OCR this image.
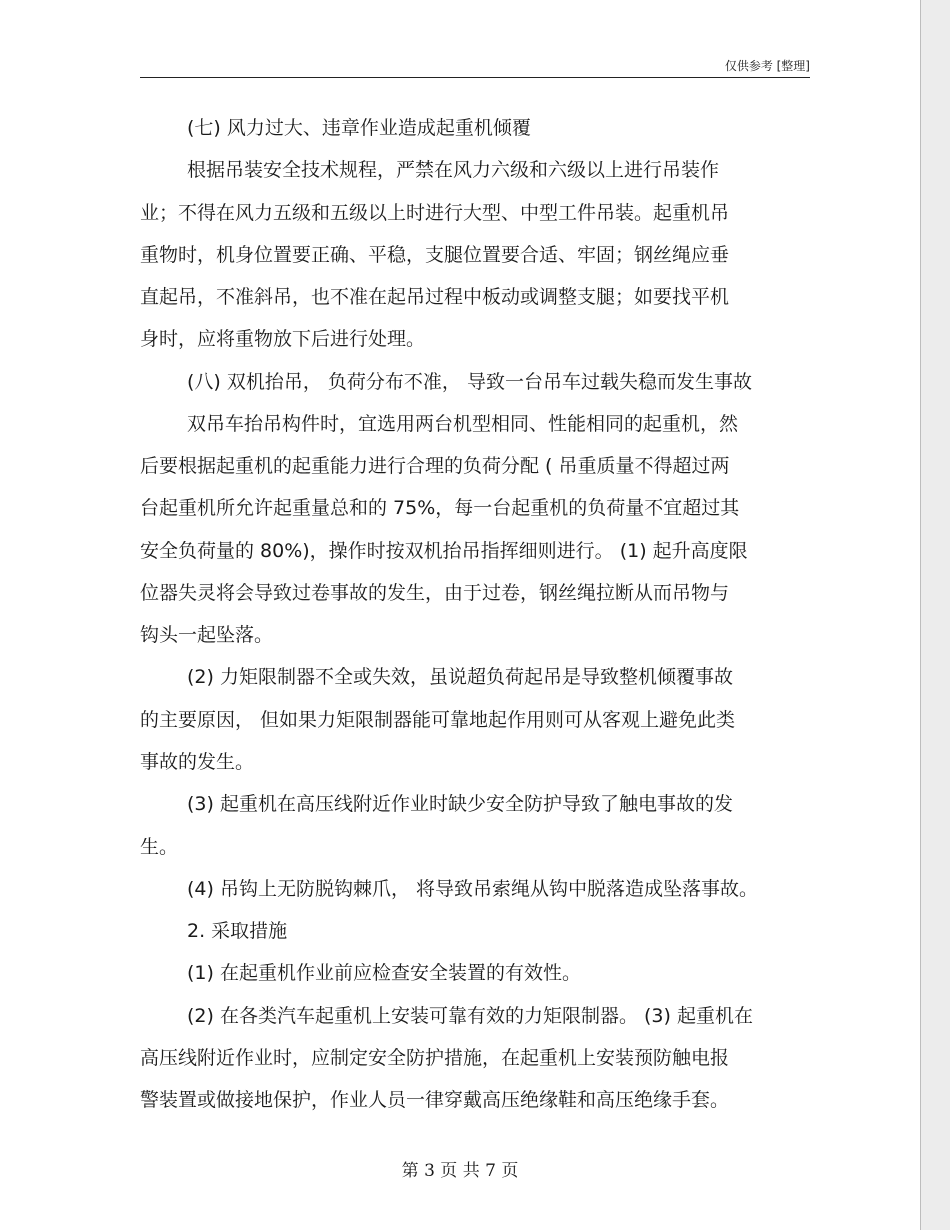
仅供参考 [整理]
(七) 风力过大、违章作业造成起重机倾覆
根据吊装安全技术规程，严禁在风力六级和六级以上进行吊装作
业；不得在风力五级和五级以上时进行大型、中型工件吊装。起重机吊
重物时，机身位置要正确、平稳，支腿位置要合适、牢固；钢丝绳应垂
直起吊，不准斜吊，也不准在起吊过程中板动或调整支腿；如要找平机
身时，应将重物放下后进行处理。
(八) 双机抬吊， 负荷分布不准， 导致一台吊车过载失稳而发生事故
双吊车抬吊构件时，宜选用两台机型相同、性能相同的起重机，然
后要根据起重机的起重能力进行合理的负荷分配 ( 吊重质量不得超过两
台起重机所允许起重量总和的 75%，每一台起重机的负荷量不宜超过其
安全负荷量的 80%)，操作时按双机抬吊指挥细则进行。 (1) 起升高度限
位器失灵将会导致过卷事故的发生，由于过卷，钢丝绳拉断从而吊物与
钩头一起坠落。
(2) 力矩限制器不全或失效，虽说超负荷起吊是导致整机倾覆事故
的主要原因， 但如果力矩限制器能可靠地起作用则可从客观上避免此类
事故的发生。
(3) 起重机在高压线附近作业时缺少安全防护导致了触电事故的发
生。
(4) 吊钩上无防脱钩棘爪， 将导致吊索绳从钩中脱落造成坠落事故。
2. 采取措施
(1) 在起重机作业前应检查安全装置的有效性。
(2) 在各类汽车起重机上安装可靠有效的力矩限制器。 (3) 起重机在
高压线附近作业时，应制定安全防护措施，在起重机上安装预防触电报
警装置或做接地保护，作业人员一律穿戴高压绝缘鞋和高压绝缘手套。
第 3 页 共 7 页
